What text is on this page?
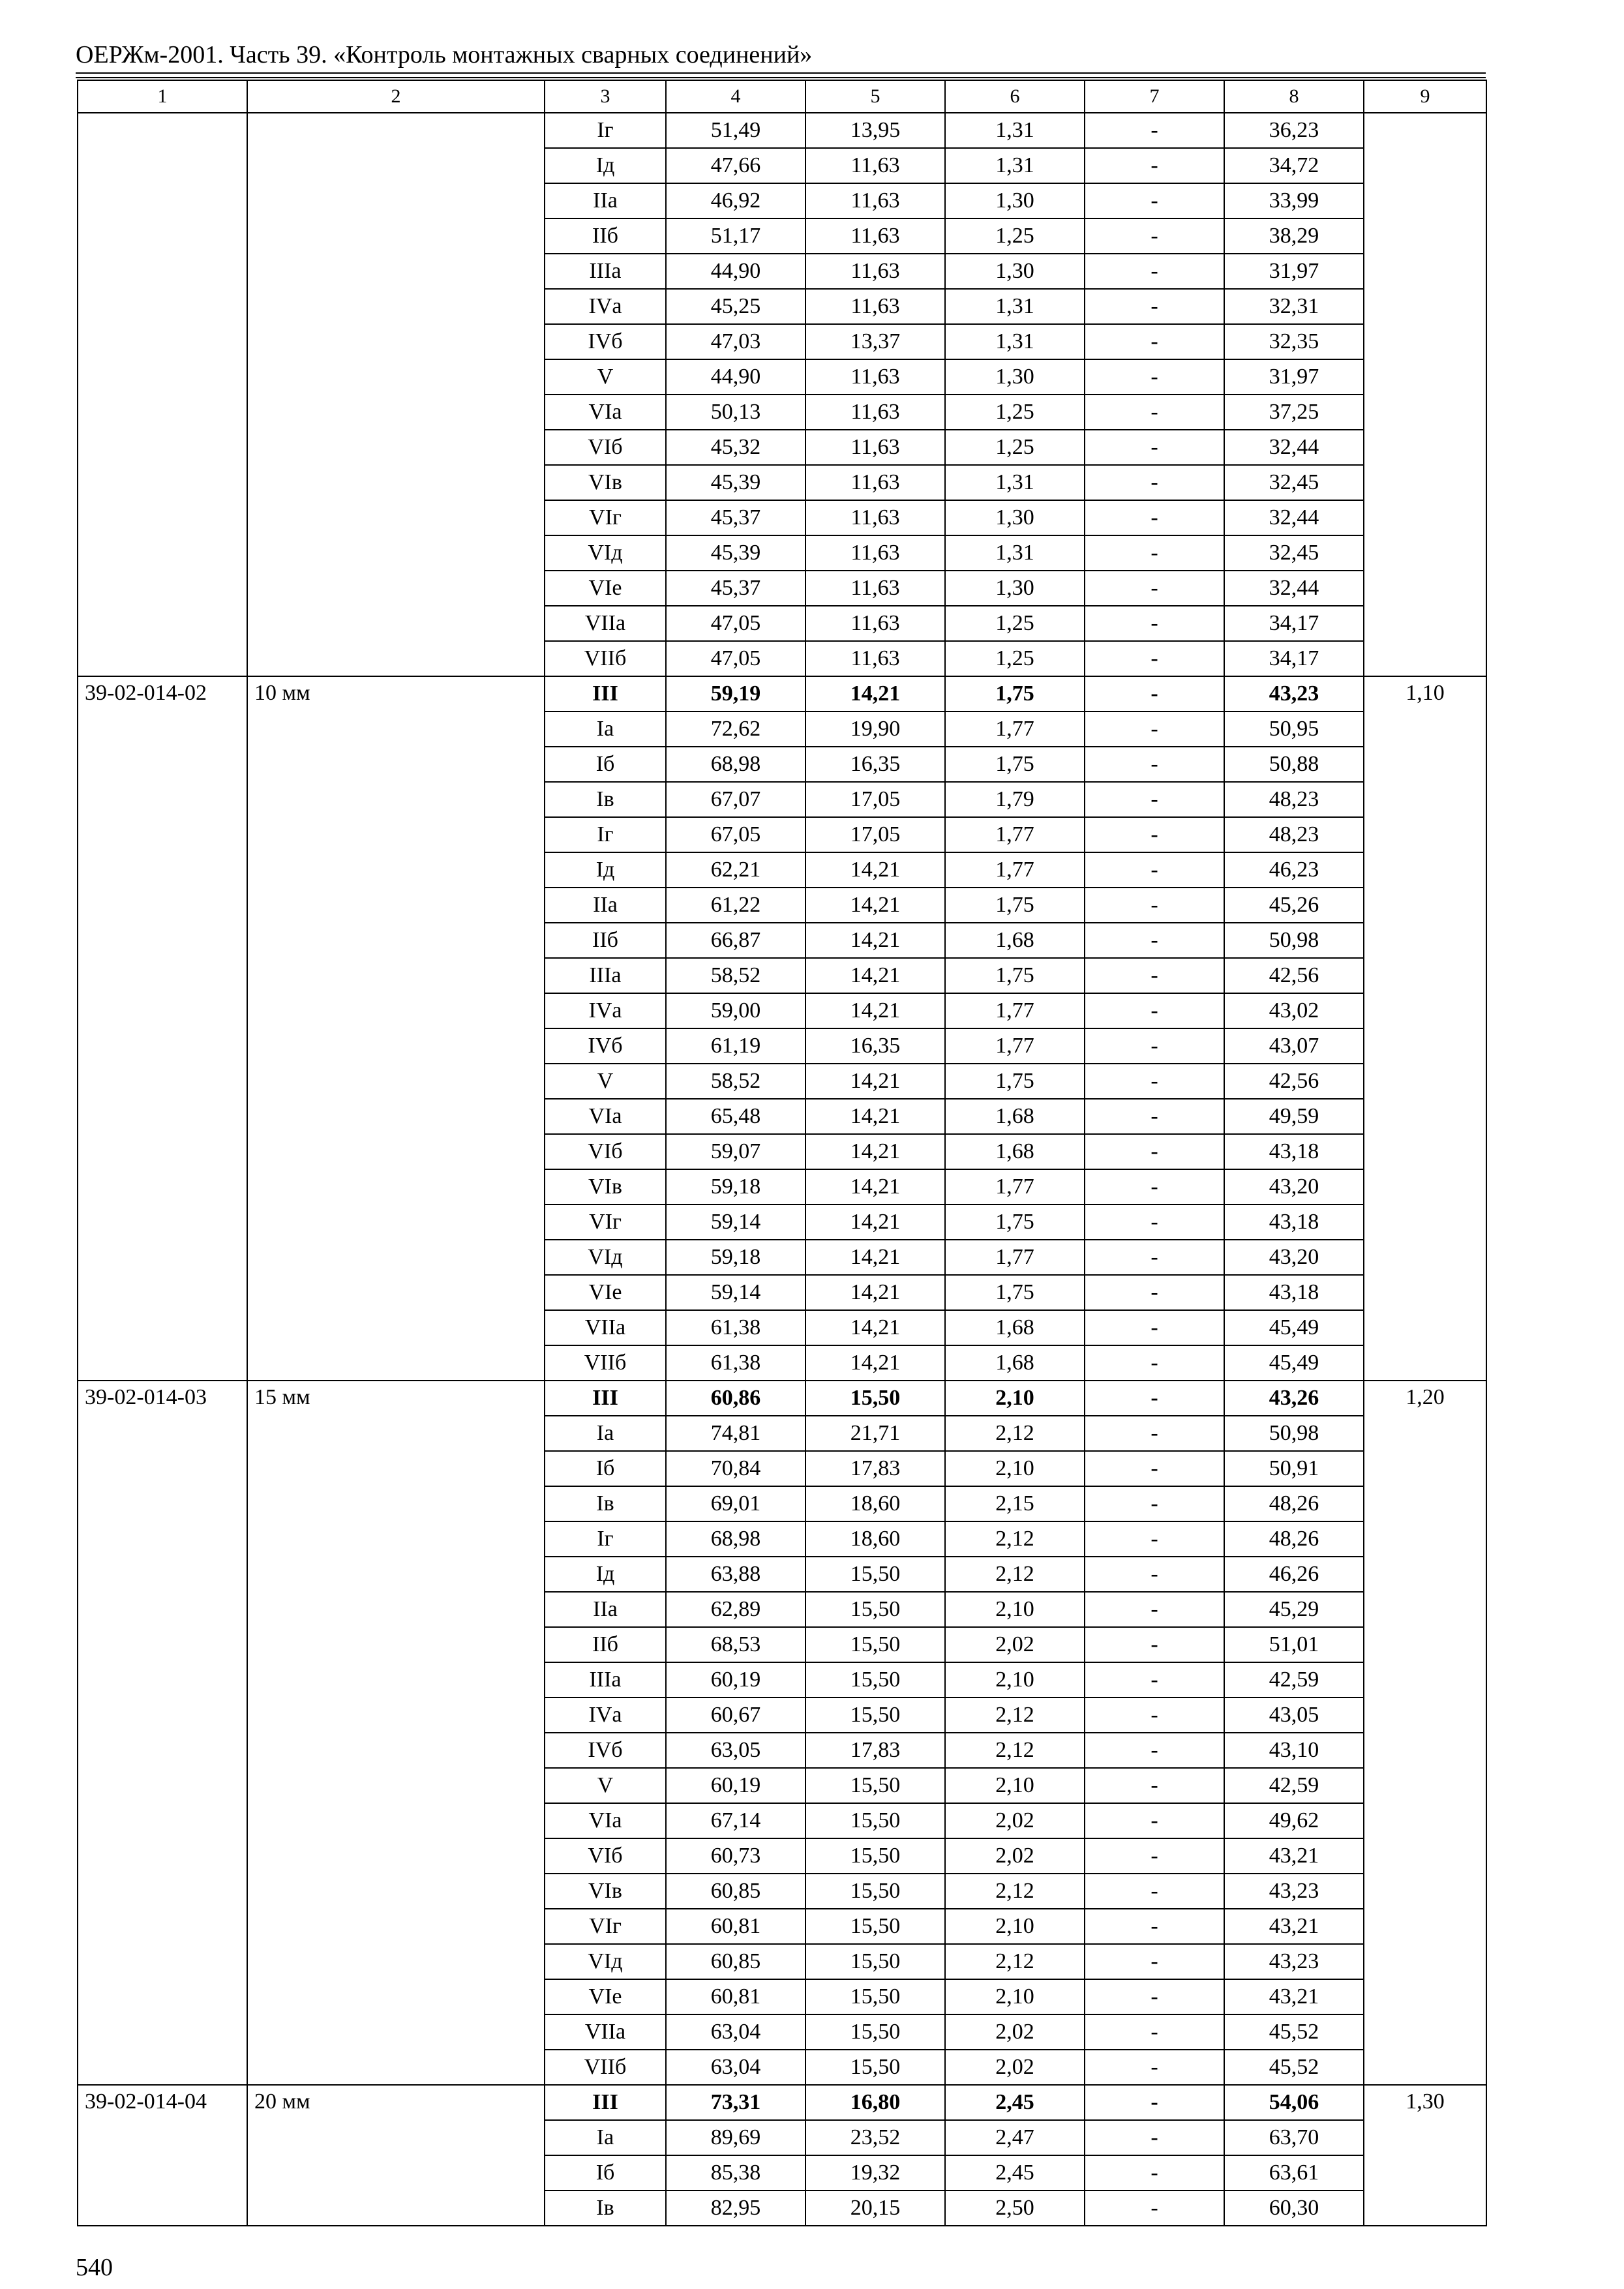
ОЕРЖм-2001. Часть 39. «Контроль монтажных сварных соединений»
1	2	3	4	5	6	7	8	9
		Iг	51,49	13,95	1,31	-	36,23	
		Iд	47,66	11,63	1,31	-	34,72	
		IIа	46,92	11,63	1,30	-	33,99	
		IIб	51,17	11,63	1,25	-	38,29	
		IIIа	44,90	11,63	1,30	-	31,97	
		IVа	45,25	11,63	1,31	-	32,31	
		IVб	47,03	13,37	1,31	-	32,35	
		V	44,90	11,63	1,30	-	31,97	
		VIа	50,13	11,63	1,25	-	37,25	
		VIб	45,32	11,63	1,25	-	32,44	
		VIв	45,39	11,63	1,31	-	32,45	
		VIг	45,37	11,63	1,30	-	32,44	
		VIд	45,39	11,63	1,31	-	32,45	
		VIе	45,37	11,63	1,30	-	32,44	
		VIIа	47,05	11,63	1,25	-	34,17	
		VIIб	47,05	11,63	1,25	-	34,17	
39-02-014-02	10 мм	III	59,19	14,21	1,75	-	43,23	1,10
		Iа	72,62	19,90	1,77	-	50,95	
		Iб	68,98	16,35	1,75	-	50,88	
		Iв	67,07	17,05	1,79	-	48,23	
		Iг	67,05	17,05	1,77	-	48,23	
		Iд	62,21	14,21	1,77	-	46,23	
		IIа	61,22	14,21	1,75	-	45,26	
		IIб	66,87	14,21	1,68	-	50,98	
		IIIа	58,52	14,21	1,75	-	42,56	
		IVа	59,00	14,21	1,77	-	43,02	
		IVб	61,19	16,35	1,77	-	43,07	
		V	58,52	14,21	1,75	-	42,56	
		VIа	65,48	14,21	1,68	-	49,59	
		VIб	59,07	14,21	1,68	-	43,18	
		VIв	59,18	14,21	1,77	-	43,20	
		VIг	59,14	14,21	1,75	-	43,18	
		VIд	59,18	14,21	1,77	-	43,20	
		VIе	59,14	14,21	1,75	-	43,18	
		VIIа	61,38	14,21	1,68	-	45,49	
		VIIб	61,38	14,21	1,68	-	45,49	
39-02-014-03	15 мм	III	60,86	15,50	2,10	-	43,26	1,20
		Iа	74,81	21,71	2,12	-	50,98	
		Iб	70,84	17,83	2,10	-	50,91	
		Iв	69,01	18,60	2,15	-	48,26	
		Iг	68,98	18,60	2,12	-	48,26	
		Iд	63,88	15,50	2,12	-	46,26	
		IIа	62,89	15,50	2,10	-	45,29	
		IIб	68,53	15,50	2,02	-	51,01	
		IIIа	60,19	15,50	2,10	-	42,59	
		IVа	60,67	15,50	2,12	-	43,05	
		IVб	63,05	17,83	2,12	-	43,10	
		V	60,19	15,50	2,10	-	42,59	
		VIа	67,14	15,50	2,02	-	49,62	
		VIб	60,73	15,50	2,02	-	43,21	
		VIв	60,85	15,50	2,12	-	43,23	
		VIг	60,81	15,50	2,10	-	43,21	
		VIд	60,85	15,50	2,12	-	43,23	
		VIе	60,81	15,50	2,10	-	43,21	
		VIIа	63,04	15,50	2,02	-	45,52	
		VIIб	63,04	15,50	2,02	-	45,52	
39-02-014-04	20 мм	III	73,31	16,80	2,45	-	54,06	1,30
		Iа	89,69	23,52	2,47	-	63,70	
		Iб	85,38	19,32	2,45	-	63,61	
		Iв	82,95	20,15	2,50	-	60,30	
540
